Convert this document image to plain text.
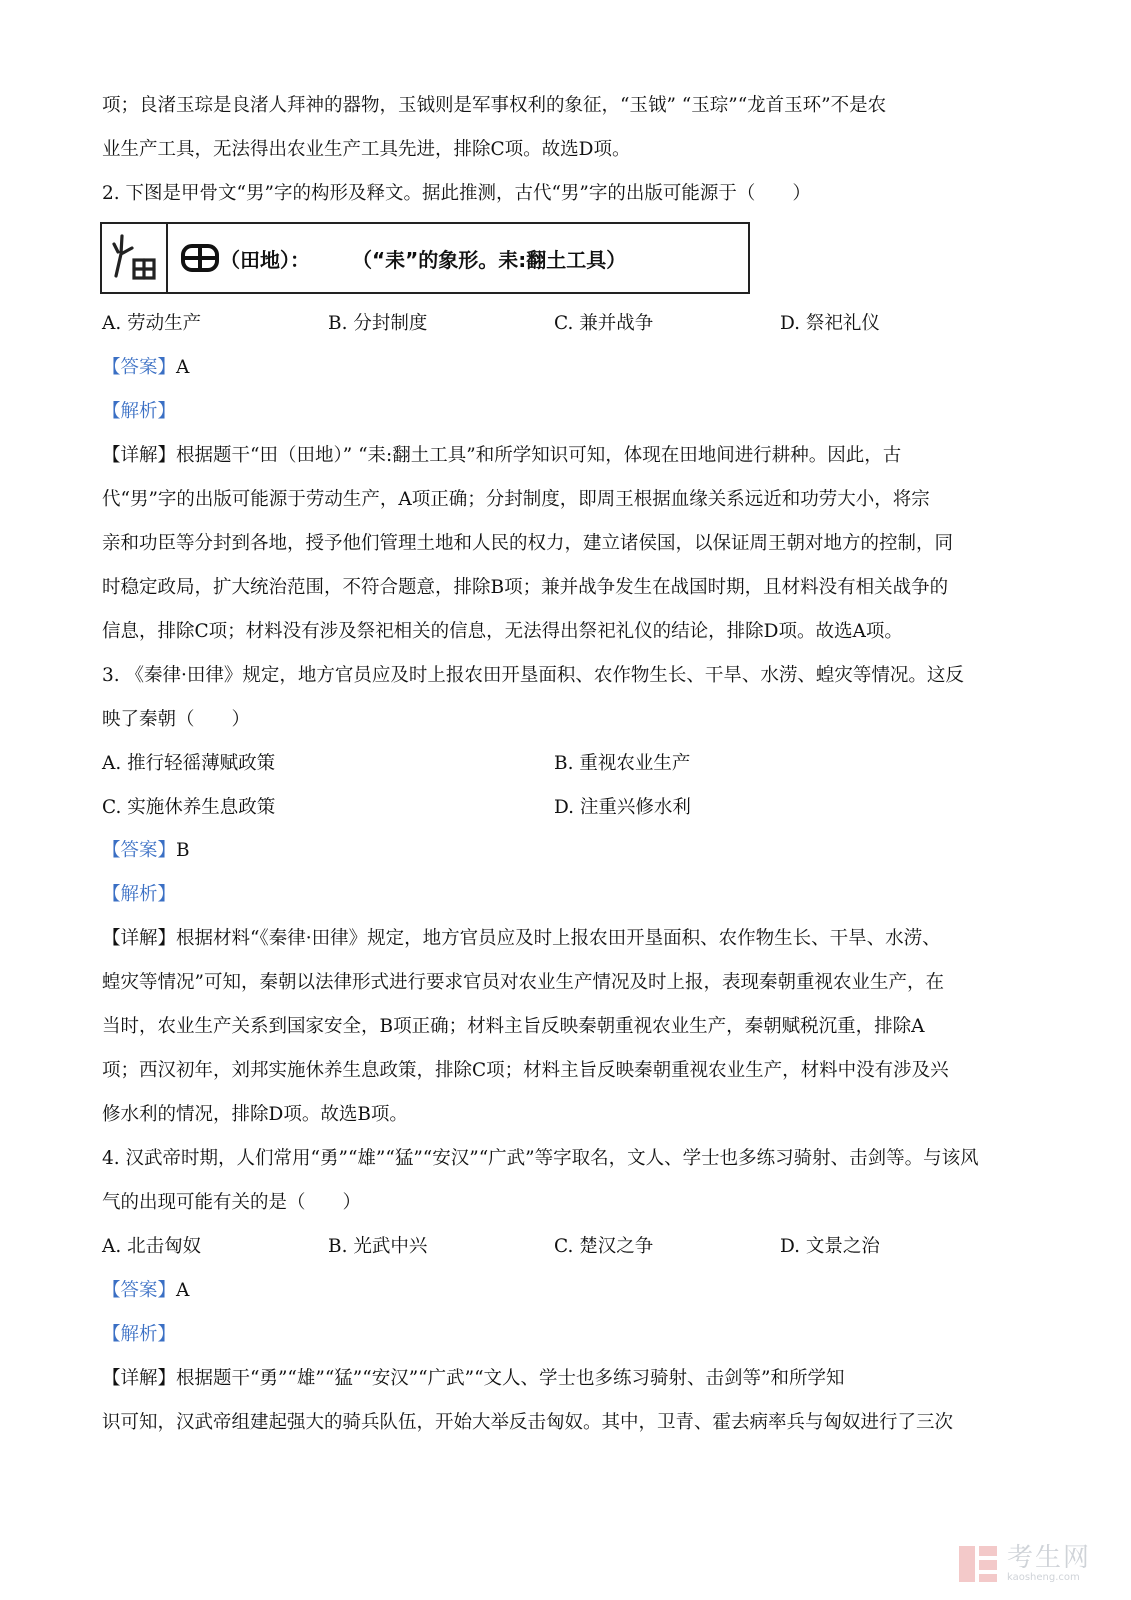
项；良渚玉琮是良渚人拜神的器物，玉钺则是军事权利的象征，“玉钺” “玉琮”“龙首玉环”不是农
业生产工具，无法得出农业生产工具先进，排除C项。故选D项。
2. 下图是甲骨文“男”字的构形及释文。据此推测，古代“男”字的出版可能源于（　　）
（田地）： （“耒”的象形。耒:翻土工具）
A. 劳动生产	B. 分封制度	C. 兼并战争	D. 祭祀礼仪
【答案】A
【解析】
【详解】根据题干“田（田地）” “耒:翻土工具”和所学知识可知，体现在田地间进行耕种。因此，古
代“男”字的出版可能源于劳动生产，A项正确；分封制度，即周王根据血缘关系远近和功劳大小，将宗
亲和功臣等分封到各地，授予他们管理土地和人民的权力，建立诸侯国，以保证周王朝对地方的控制，同
时稳定政局，扩大统治范围，不符合题意，排除B项；兼并战争发生在战国时期，且材料没有相关战争的
信息，排除C项；材料没有涉及祭祀相关的信息，无法得出祭祀礼仪的结论，排除D项。故选A项。
3. 《秦律·田律》规定，地方官员应及时上报农田开垦面积、农作物生长、干旱、水涝、蝗灾等情况。这反
映了秦朝（　　）
A. 推行轻徭薄赋政策	B. 重视农业生产
C. 实施休养生息政策	D. 注重兴修水利
【答案】B
【解析】
【详解】根据材料“《秦律·田律》规定，地方官员应及时上报农田开垦面积、农作物生长、干旱、水涝、
蝗灾等情况”可知，秦朝以法律形式进行要求官员对农业生产情况及时上报，表现秦朝重视农业生产，在
当时，农业生产关系到国家安全，B项正确；材料主旨反映秦朝重视农业生产，秦朝赋税沉重，排除A
项；西汉初年，刘邦实施休养生息政策，排除C项；材料主旨反映秦朝重视农业生产，材料中没有涉及兴
修水利的情况，排除D项。故选B项。
4. 汉武帝时期，人们常用“勇”“雄”“猛”“安汉”“广武”等字取名，文人、学士也多练习骑射、击剑等。与该风
气的出现可能有关的是（　　）
A. 北击匈奴	B. 光武中兴	C. 楚汉之争	D. 文景之治
【答案】A
【解析】
【详解】根据题干“勇”“雄”“猛”“安汉”“广武”“文人、学士也多练习骑射、击剑等”和所学知
识可知，汉武帝组建起强大的骑兵队伍，开始大举反击匈奴。其中，卫青、霍去病率兵与匈奴进行了三次
考生网
kaosheng.com
